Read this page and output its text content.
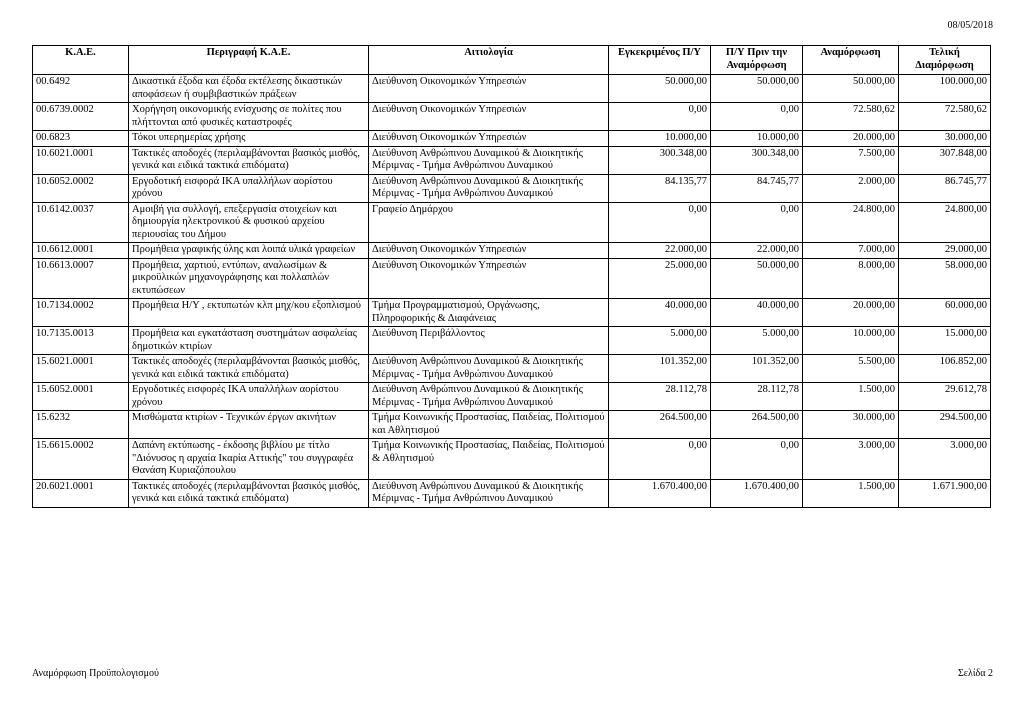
08/05/2018
Κ.Α.Ε.	Περιγραφή Κ.Α.Ε.	Αιτιολογία	Εγκεκριμένος Π/Υ	Π/Υ Πριν την Αναμόρφωση	Αναμόρφωση	Τελική Διαμόρφωση
00.6492	Δικαστικά έξοδα και έξοδα εκτέλεσης δικαστικών αποφάσεων ή συμβιβαστικών πράξεων	Διεύθυνση Οικονομικών Υπηρεσιών	50.000,00	50.000,00	50.000,00	100.000,00
00.6739.0002	Χορήγηση οικονομικής ενίσχυσης σε πολίτες που πλήττονται από φυσικές καταστροφές	Διεύθυνση Οικονομικών Υπηρεσιών	0,00	0,00	72.580,62	72.580,62
00.6823	Τόκοι υπερημερίας χρήσης	Διεύθυνση Οικονομικών Υπηρεσιών	10.000,00	10.000,00	20.000,00	30.000,00
10.6021.0001	Τακτικές αποδοχές (περιλαμβάνονται βασικός μισθός, γενικά και ειδικά τακτικά επιδόματα)	Διεύθυνση Ανθρώπινου Δυναμικού & Διοικητικής Μέριμνας - Τμήμα Ανθρώπινου Δυναμικού	300.348,00	300.348,00	7.500,00	307.848,00
10.6052.0002	Εργοδοτική εισφορά ΙΚΑ υπαλλήλων αορίστου χρόνου	Διεύθυνση Ανθρώπινου Δυναμικού & Διοικητικής Μέριμνας - Τμήμα Ανθρώπινου Δυναμικού	84.135,77	84.745,77	2.000,00	86.745,77
10.6142.0037	Αμοιβή για συλλογή, επεξεργασία στοιχείων και δημιουργία ηλεκτρονικού & φυσικού αρχείου περιουσίας του Δήμου	Γραφείο Δημάρχου	0,00	0,00	24.800,00	24.800,00
10.6612.0001	Προμήθεια γραφικής ύλης και λοιπά υλικά γραφείων	Διεύθυνση Οικονομικών Υπηρεσιών	22.000,00	22.000,00	7.000,00	29.000,00
10.6613.0007	Προμήθεια, χαρτιού, εντύπων, αναλωσίμων & μικροϋλικών μηχανογράφησης και πολλαπλών εκτυπώσεων	Διεύθυνση Οικονομικών Υπηρεσιών	25.000,00	50.000,00	8.000,00	58.000,00
10.7134.0002	Προμήθεια Η/Υ , εκτυπωτών κλπ μηχ/κου εξοπλισμού	Τμήμα Προγραμματισμού, Οργάνωσης, Πληροφορικής & Διαφάνειας	40.000,00	40.000,00	20.000,00	60.000,00
10.7135.0013	Προμήθεια και εγκατάσταση συστημάτων ασφαλείας δημοτικών κτιρίων	Διεύθυνση Περιβάλλοντος	5.000,00	5.000,00	10.000,00	15.000,00
15.6021.0001	Τακτικές αποδοχές (περιλαμβάνονται βασικός μισθός, γενικά και ειδικά τακτικά επιδόματα)	Διεύθυνση Ανθρώπινου Δυναμικού & Διοικητικής Μέριμνας - Τμήμα Ανθρώπινου Δυναμικού	101.352,00	101.352,00	5.500,00	106.852,00
15.6052.0001	Εργοδοτικές εισφορές ΙΚΑ υπαλλήλων αορίστου χρόνου	Διεύθυνση Ανθρώπινου Δυναμικού & Διοικητικής Μέριμνας - Τμήμα Ανθρώπινου Δυναμικού	28.112,78	28.112,78	1.500,00	29.612,78
15.6232	Μισθώματα κτιρίων - Τεχνικών έργων ακινήτων	Τμήμα Κοινωνικής Προστασίας, Παιδείας, Πολιτισμού και Αθλητισμού	264.500,00	264.500,00	30.000,00	294.500,00
15.6615.0002	Δαπάνη εκτύπωσης - έκδοσης βιβλίου με τίτλο "Διόνυσος η αρχαία Ικαρία Αττικής" του συγγραφέα Θανάση Κυριαζόπουλου	Τμήμα Κοινωνικής Προστασίας, Παιδείας, Πολιτισμού & Αθλητισμού	0,00	0,00	3.000,00	3.000,00
20.6021.0001	Τακτικές αποδοχές (περιλαμβάνονται βασικός μισθός, γενικά και ειδικά τακτικά επιδόματα)	Διεύθυνση Ανθρώπινου Δυναμικού & Διοικητικής Μέριμνας - Τμήμα Ανθρώπινου Δυναμικού	1.670.400,00	1.670.400,00	1.500,00	1.671.900,00
Αναμόρφωση Προϋπολογισμού	Σελίδα 2
